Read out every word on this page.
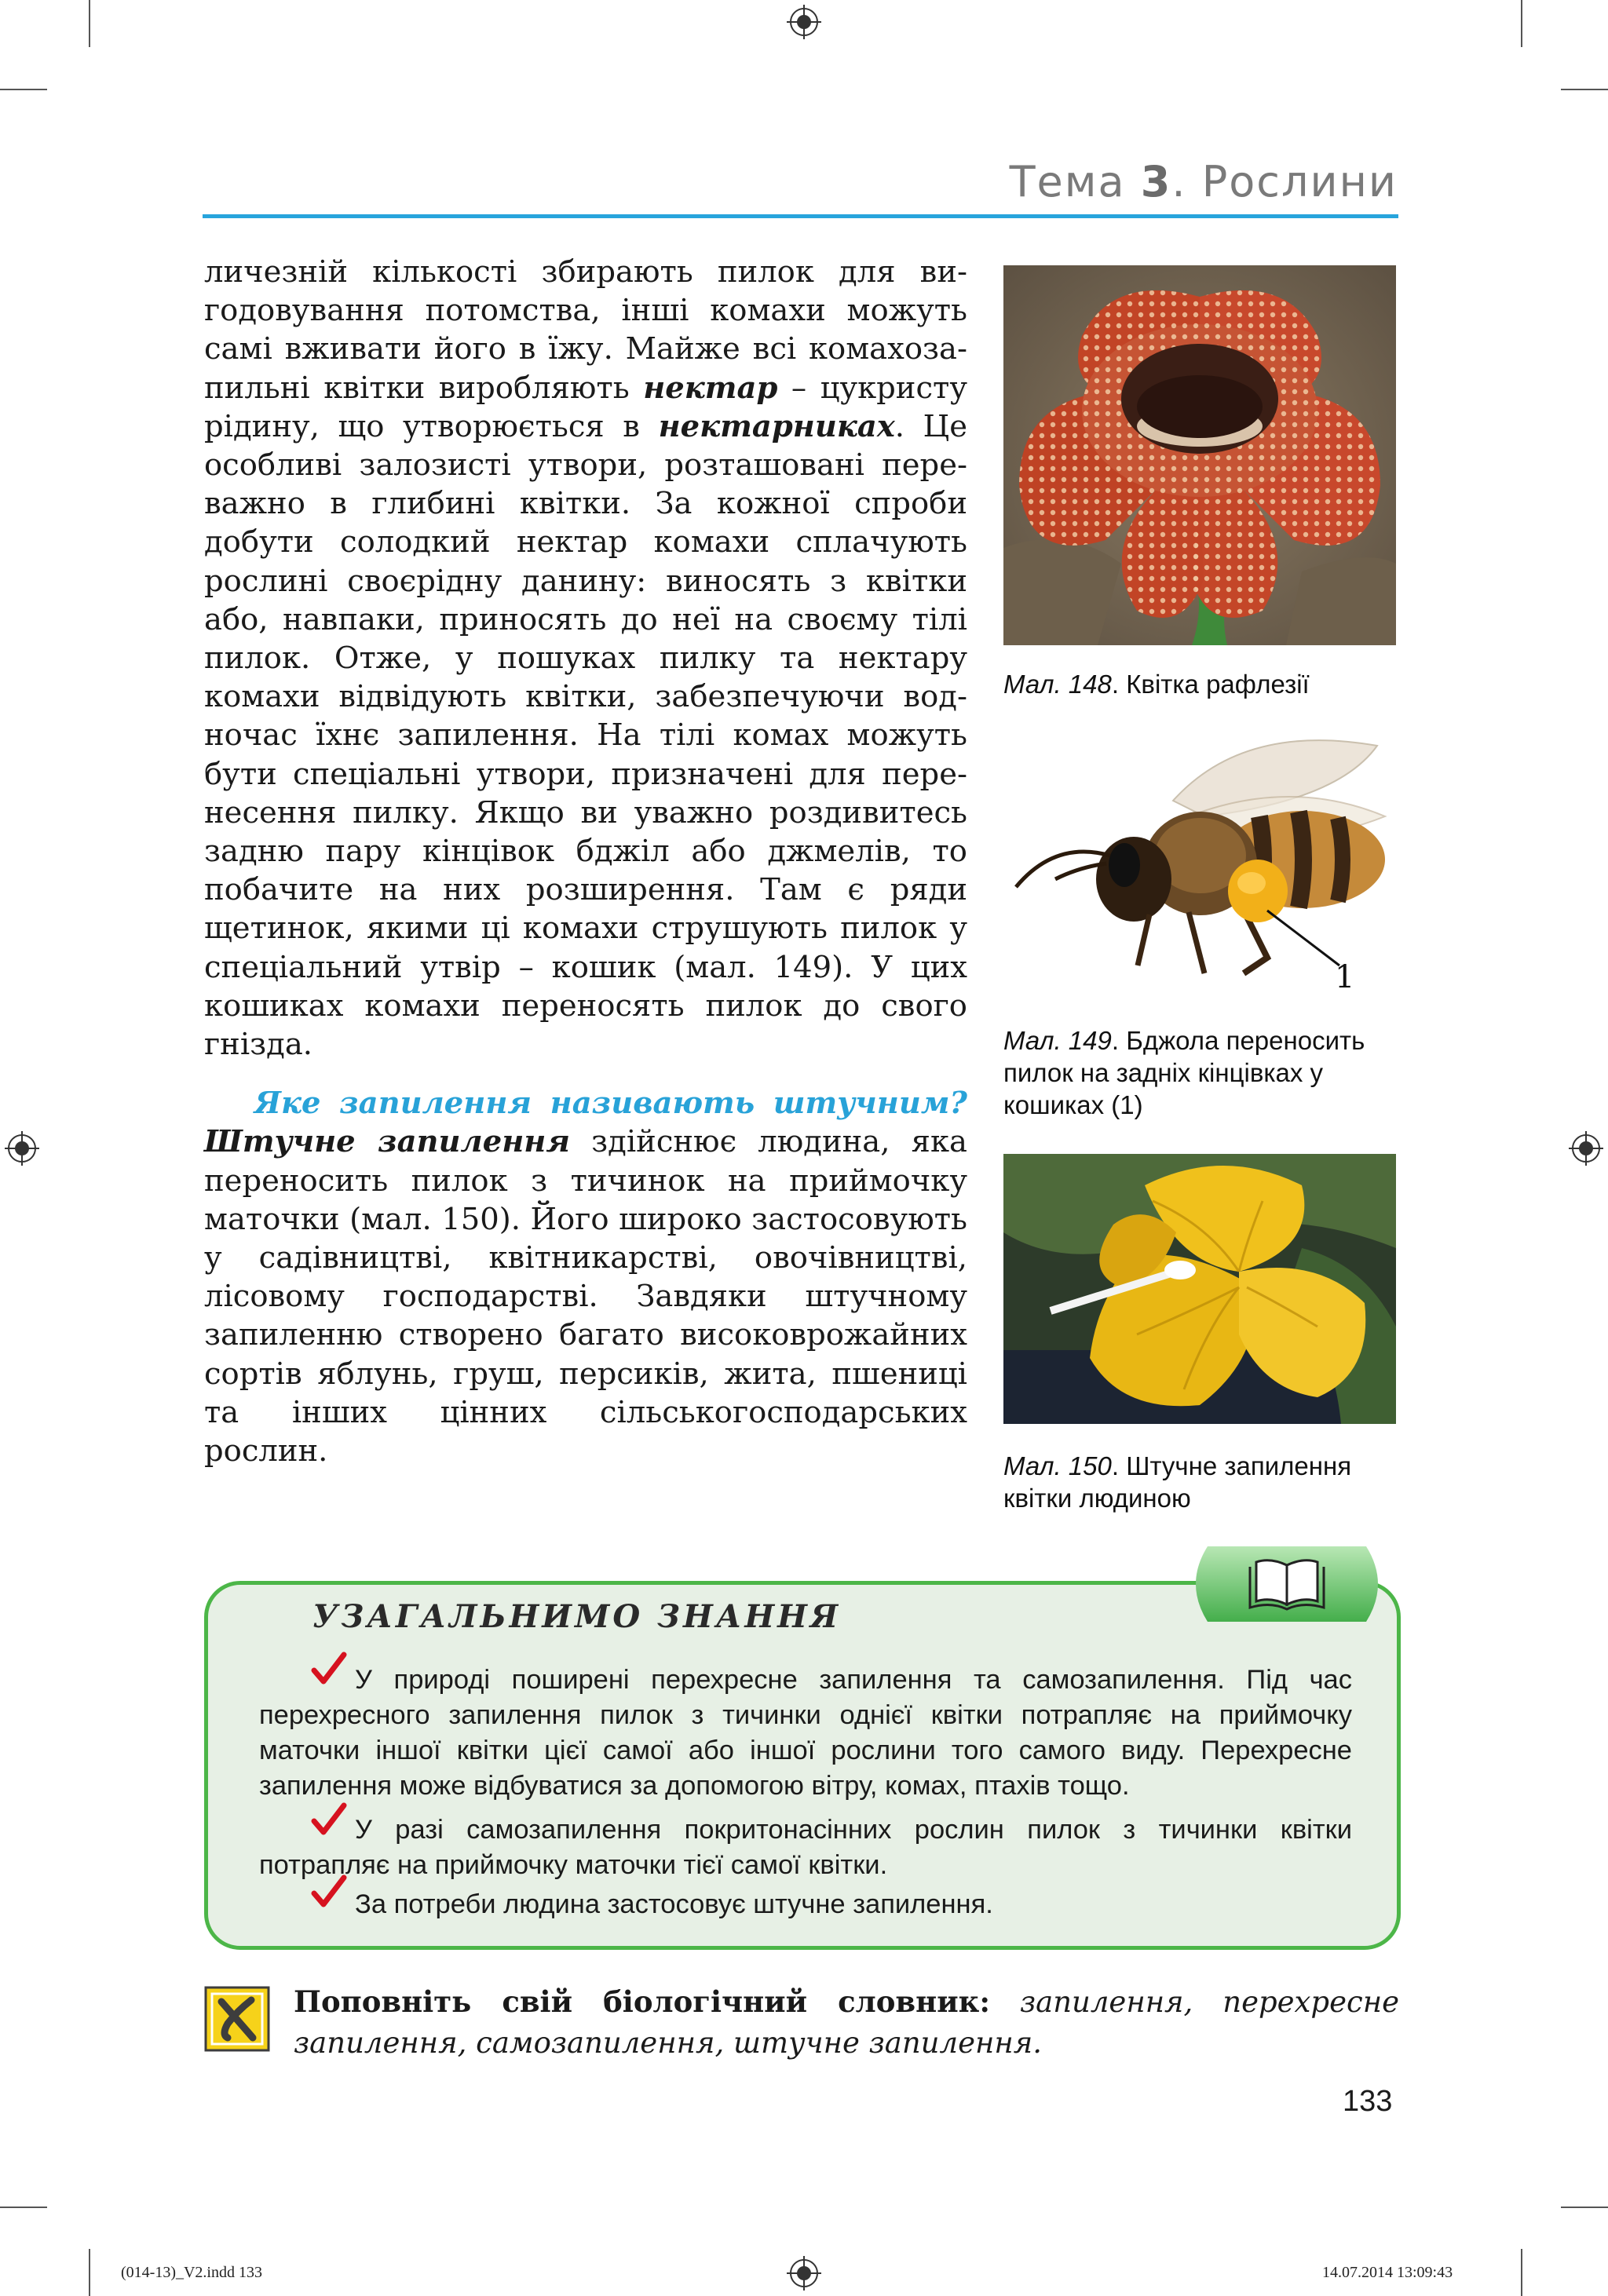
Тема 3. Рослини

личезній кількості збирають пилок для ви- годовування потомства, інші комахи можуть самі вживати його в їжу. Майже всі комахоза- пильні квітки виробляють нектар – цукристу рідину, що утворюється в нектарниках. Це особливі залозисті утвори, розташовані пере- важно в глибині квітки. За кожної спроби добути солодкий нектар комахи сплачують рослині своєрідну данину: виносять з квітки або, навпаки, приносять до неї на своєму тілі пилок. Отже, у пошуках пилку та нектару комахи відвідують квітки, забезпечуючи вод- ночас їхнє запилення. На тілі комах можуть бути спеціальні утвори, призначені для пере- несення пилку. Якщо ви уважно роздивитесь задню пару кінцівок бджіл або джмелів, то побачите на них розширення. Там є ряди щетинок, якими ці комахи струшують пилок у спеціальний утвір – кошик (мал. 149). У цих кошиках комахи переносять пилок до свого гнізда.

Яке запилення називають штучним? Штучне запилення здійснює людина, яка переносить пилок з тичинок на приймочку маточки (мал. 150). Його широко застосовують у садівництві, квітникарстві, овочівництві, лісовому господарстві. Завдяки штучному запиленню створено багато високоврожайних сортів яблунь, груш, персиків, жита, пшениці та інших цінних сільськогосподарських рослин.

Мал. 148. Квітка рафлезії
1
Мал. 149. Бджола переносить пилок на задніх кінцівках у кошиках (1)
Мал. 150. Штучне запилення квітки людиною
УЗАГАЛЬНИМО ЗНАННЯ
У природі поширені перехресне запилення та самозапилення. Під час перехресного запилення пилок з тичинки однієї квітки потрапляє на приймочку маточки іншої квітки цієї самої або іншої рослини того самого виду. Перехресне запилення може відбуватися за допомогою вітру, комах, птахів тощо.
У разі самозапилення покритонасінних рослин пилок з тичинки квітки потрапляє на приймочку маточки тієї самої квітки.
За потреби людина застосовує штучне запилення.
Поповніть свій біологічний словник: запилення, перехресне запилення, самозапилення, штучне запилення.
133
(014-13)_V2.indd 133	14.07.2014 13:09:43
